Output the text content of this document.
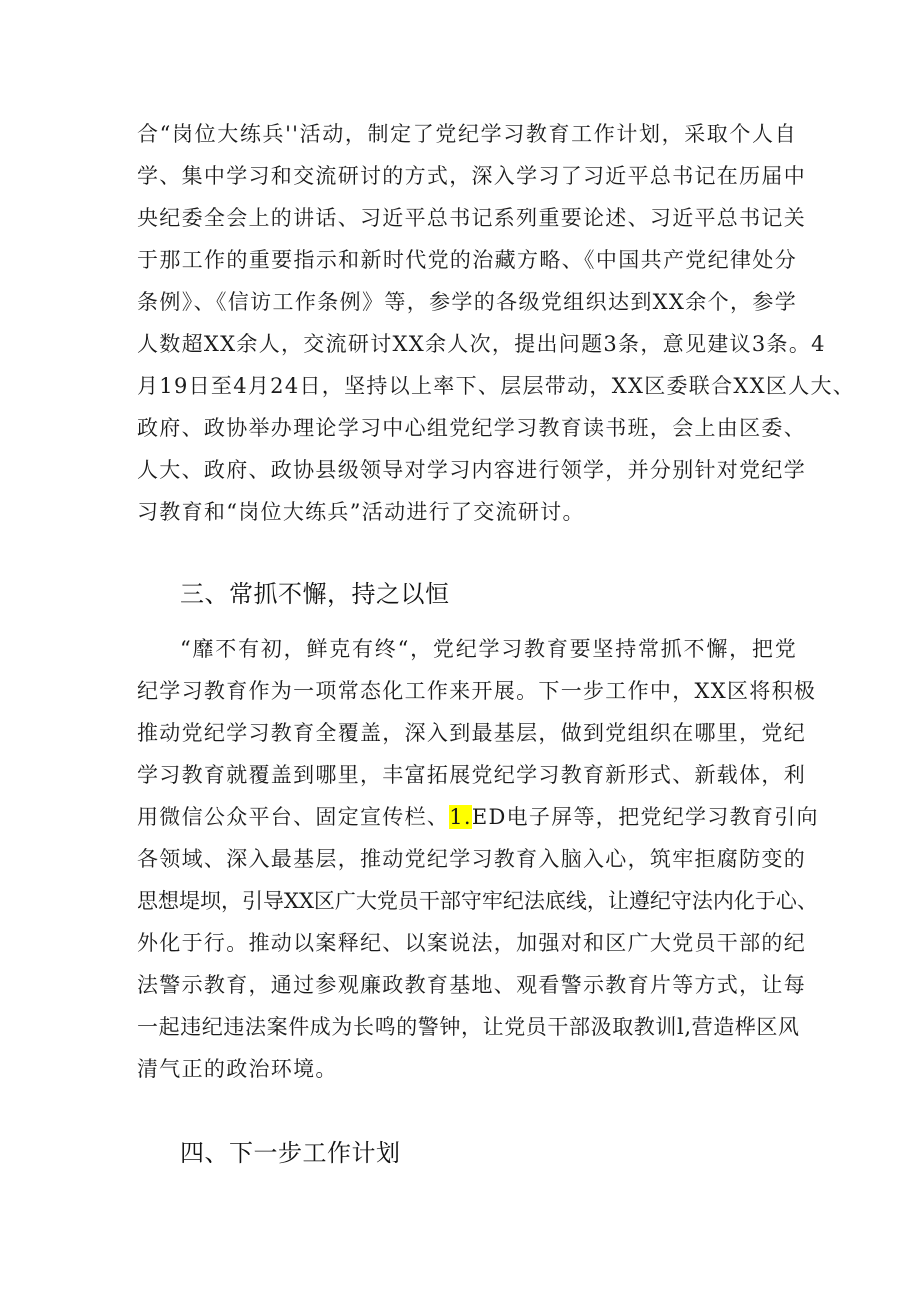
合“岗位大练兵''活动，制定了党纪学习教育工作计划，采取个人自
学、集中学习和交流研讨的方式，深入学习了习近平总书记在历届中
央纪委全会上的讲话、习近平总书记系列重要论述、习近平总书记关
于那工作的重要指示和新时代党的治藏方略、《中国共产党纪律处分
条例》、《信访工作条例》等，参学的各级党组织达到XX余个，参学
人数超XX余人，交流研讨XX余人次，提出问题3条，意见建议3条。4
月19日至4月24日，坚持以上率下、层层带动，XX区委联合XX区人大、
政府、政协举办理论学习中心组党纪学习教育读书班，会上由区委、
人大、政府、政协县级领导对学习内容进行领学，并分别针对党纪学
习教育和“岗位大练兵”活动进行了交流研讨。
三、常抓不懈，持之以恒
“靡不有初，鲜克有终“，党纪学习教育要坚持常抓不懈，把党
纪学习教育作为一项常态化工作来开展。下一步工作中，XX区将积极
推动党纪学习教育全覆盖，深入到最基层，做到党组织在哪里，党纪
学习教育就覆盖到哪里，丰富拓展党纪学习教育新形式、新载体，利
用微信公众平台、固定宣传栏、1.ED电子屏等，把党纪学习教育引向
各领域、深入最基层，推动党纪学习教育入脑入心，筑牢拒腐防变的
思想堤坝，引导XX区广大党员干部守牢纪法底线，让遵纪守法内化于心、
外化于行。推动以案释纪、以案说法，加强对和区广大党员干部的纪
法警示教育，通过参观廉政教育基地、观看警示教育片等方式，让每
一起违纪违法案件成为长鸣的警钟，让党员干部汲取教训l,营造桦区风
清气正的政治环境。
四、下一步工作计划
